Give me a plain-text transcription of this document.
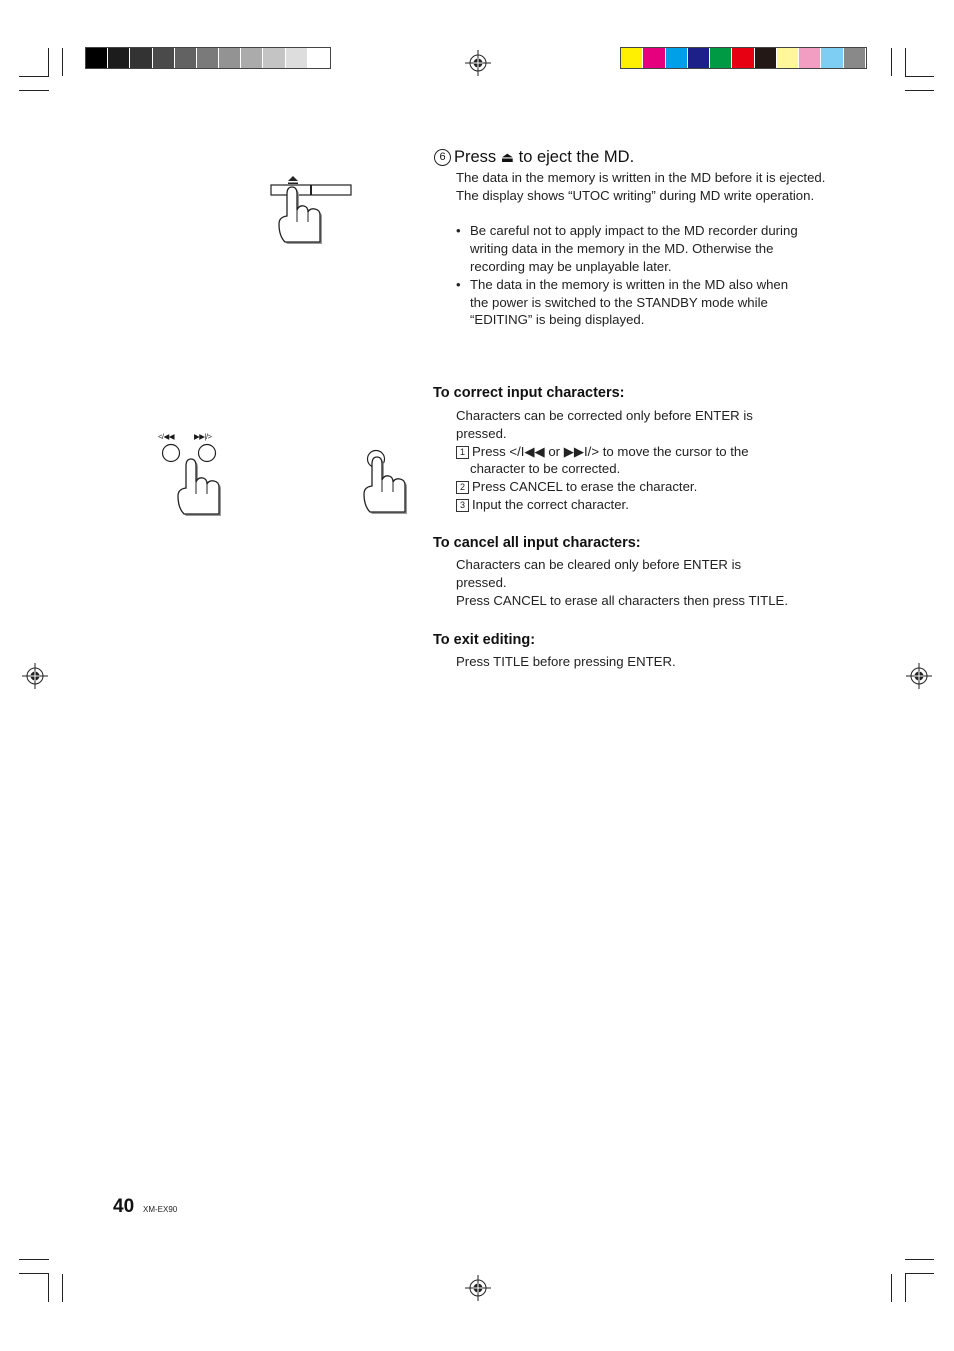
</◀◀	▶▶|/>
6 Press ⏏ to eject the MD.
The data in the memory is written in the MD before it is ejected.
The display shows “UTOC writing” during MD write operation.
• Be careful not to apply impact to the MD recorder during writing data in the memory in the MD. Otherwise the recording may be unplayable later.
• The data in the memory is written in the MD also when the power is switched to the STANDBY mode while “EDITING” is being displayed.
To correct input characters:
Characters can be corrected only before ENTER is pressed.
1 Press </I◀◀ or ▶▶I/> to move the cursor to the
character to be corrected.
2 Press CANCEL to erase the character.
3 Input the correct character.
To cancel all input characters:
Characters can be cleared only before ENTER is pressed.
Press CANCEL to erase all characters then press TITLE.
To exit editing:
Press TITLE before pressing ENTER.
40 XM-EX90
